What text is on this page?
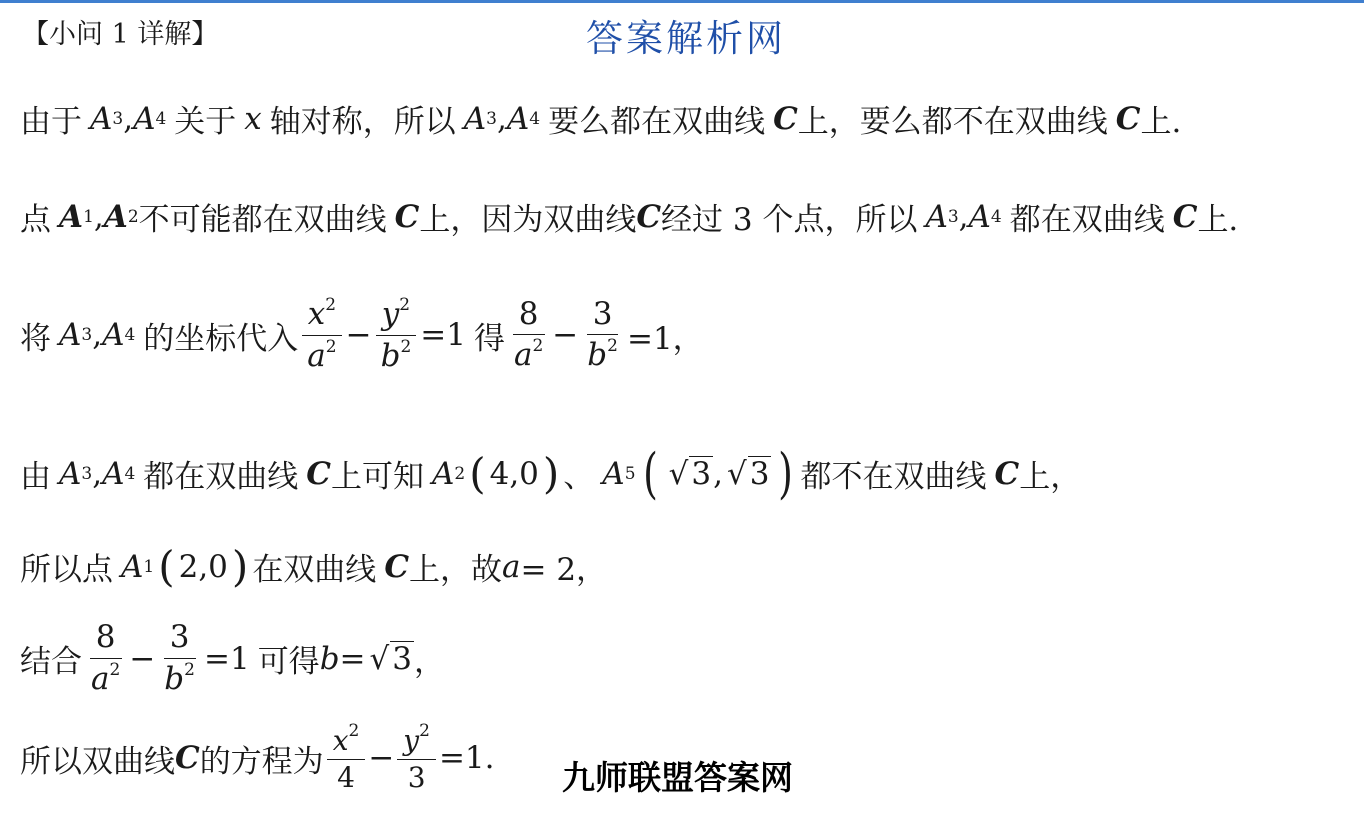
【小问 1 详解】	答案解析网
由于 A 3 , A 4 关于 x 轴对称，所以 A 3 , A 4 要么都在双曲线 C 上，要么都不在双曲线 C 上.
点 A 1 , A 2 不可能都在双曲线 C 上，因为双曲线 C 经过 3 个点，所以 A 3 , A 4 都在双曲线 C 上.
将 A 3 , A 4 的坐标代入 $\frac{x^2}{a^2} - \frac{y^2}{b^2} =1$ 得 $\frac{8}{a^2} - \frac{3}{b^2} =1$，
由 A 3 , A 4 都在双曲线 C 上可知 A 2 ( 4,0 ) 、 A 5 ( √ 3 , √ 3 ) 都不在双曲线 C 上，
所以点 A 1 ( 2,0 ) 在双曲线 C 上，故 a = 2，
结合 $\frac{8}{a^2} - \frac{3}{b^2} =1$ 可得 b = √ 3 ，
所以双曲线 C 的方程为 $\frac{x^2}{4} - \frac{y^2}{3} =1$. 九师联盟答案网
